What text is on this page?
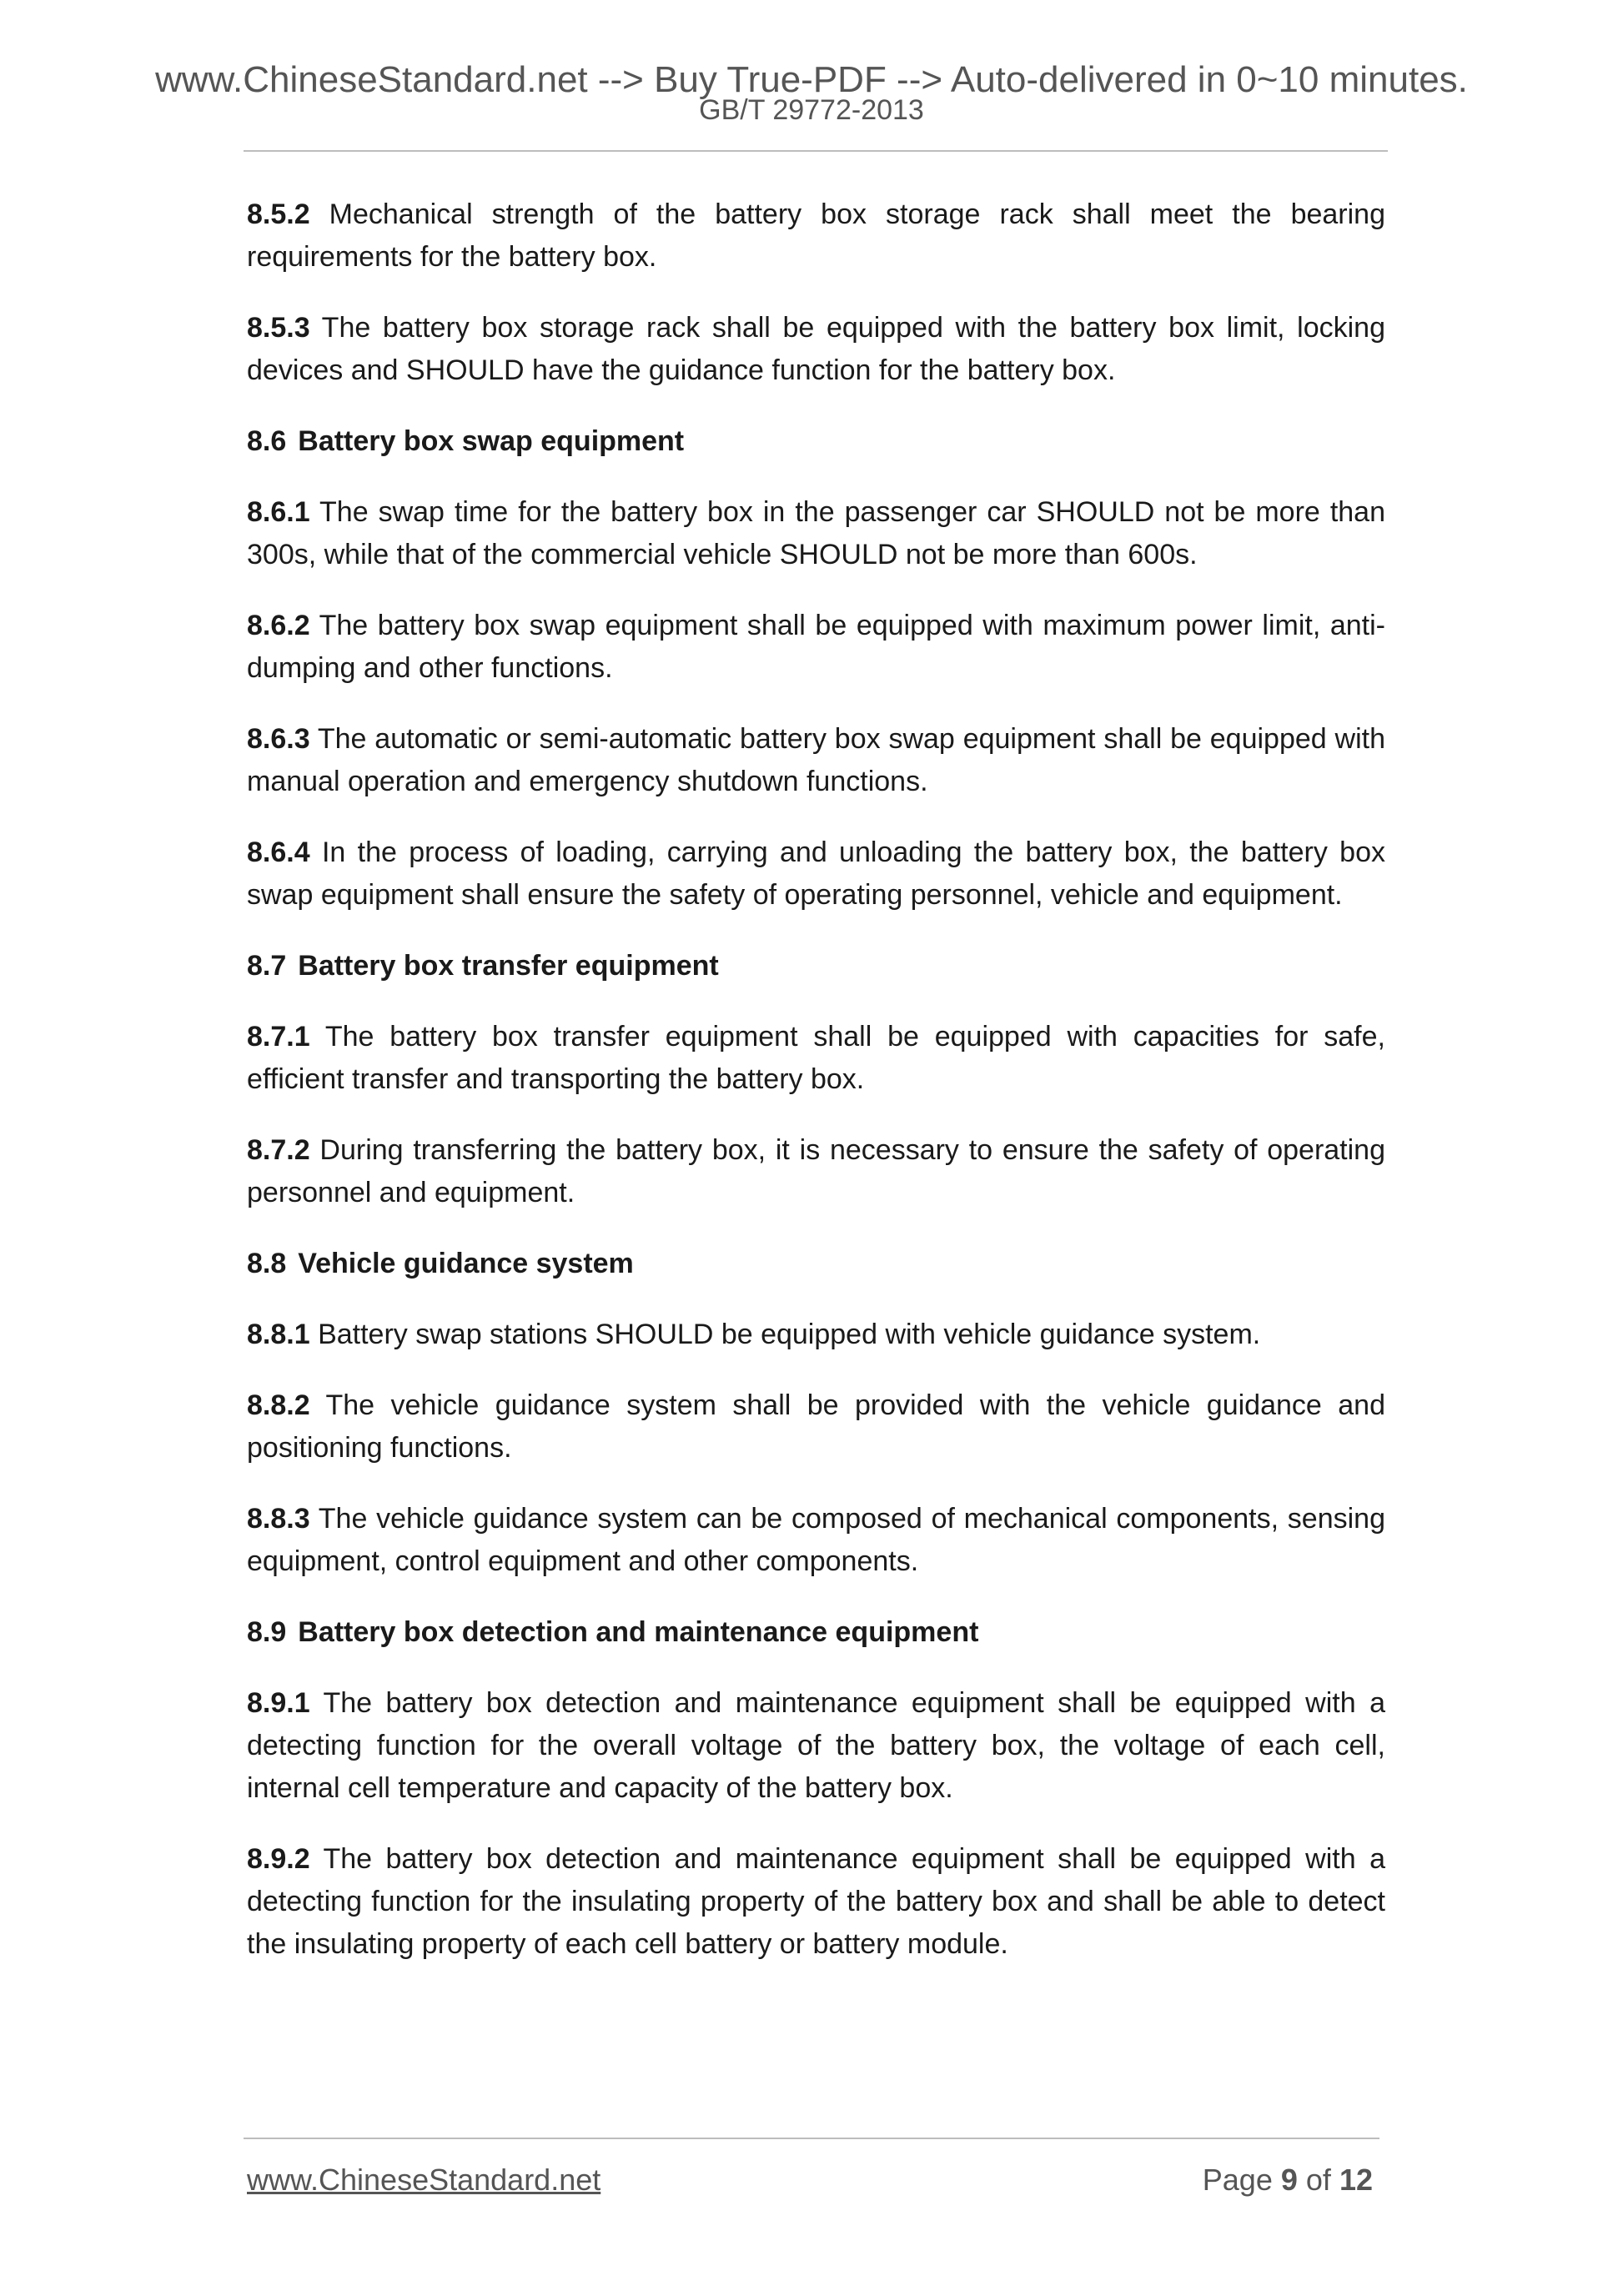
www.ChineseStandard.net --> Buy True-PDF --> Auto-delivered in 0~10 minutes.
GB/T 29772-2013

8.5.2 Mechanical strength of the battery box storage rack shall meet the bearing requirements for the battery box.

8.5.3 The battery box storage rack shall be equipped with the battery box limit, locking devices and SHOULD have the guidance function for the battery box.

8.6 Battery box swap equipment

8.6.1 The swap time for the battery box in the passenger car SHOULD not be more than 300s, while that of the commercial vehicle SHOULD not be more than 600s.

8.6.2 The battery box swap equipment shall be equipped with maximum power limit, anti-dumping and other functions.

8.6.3 The automatic or semi-automatic battery box swap equipment shall be equipped with manual operation and emergency shutdown functions.

8.6.4 In the process of loading, carrying and unloading the battery box, the battery box swap equipment shall ensure the safety of operating personnel, vehicle and equipment.

8.7 Battery box transfer equipment

8.7.1 The battery box transfer equipment shall be equipped with capacities for safe, efficient transfer and transporting the battery box.

8.7.2 During transferring the battery box, it is necessary to ensure the safety of operating personnel and equipment.

8.8 Vehicle guidance system

8.8.1 Battery swap stations SHOULD be equipped with vehicle guidance system.

8.8.2 The vehicle guidance system shall be provided with the vehicle guidance and positioning functions.

8.8.3 The vehicle guidance system can be composed of mechanical components, sensing equipment, control equipment and other components.

8.9 Battery box detection and maintenance equipment

8.9.1 The battery box detection and maintenance equipment shall be equipped with a detecting function for the overall voltage of the battery box, the voltage of each cell, internal cell temperature and capacity of the battery box.

8.9.2 The battery box detection and maintenance equipment shall be equipped with a detecting function for the insulating property of the battery box and shall be able to detect the insulating property of each cell battery or battery module.

www.ChineseStandard.net	Page 9 of 12
